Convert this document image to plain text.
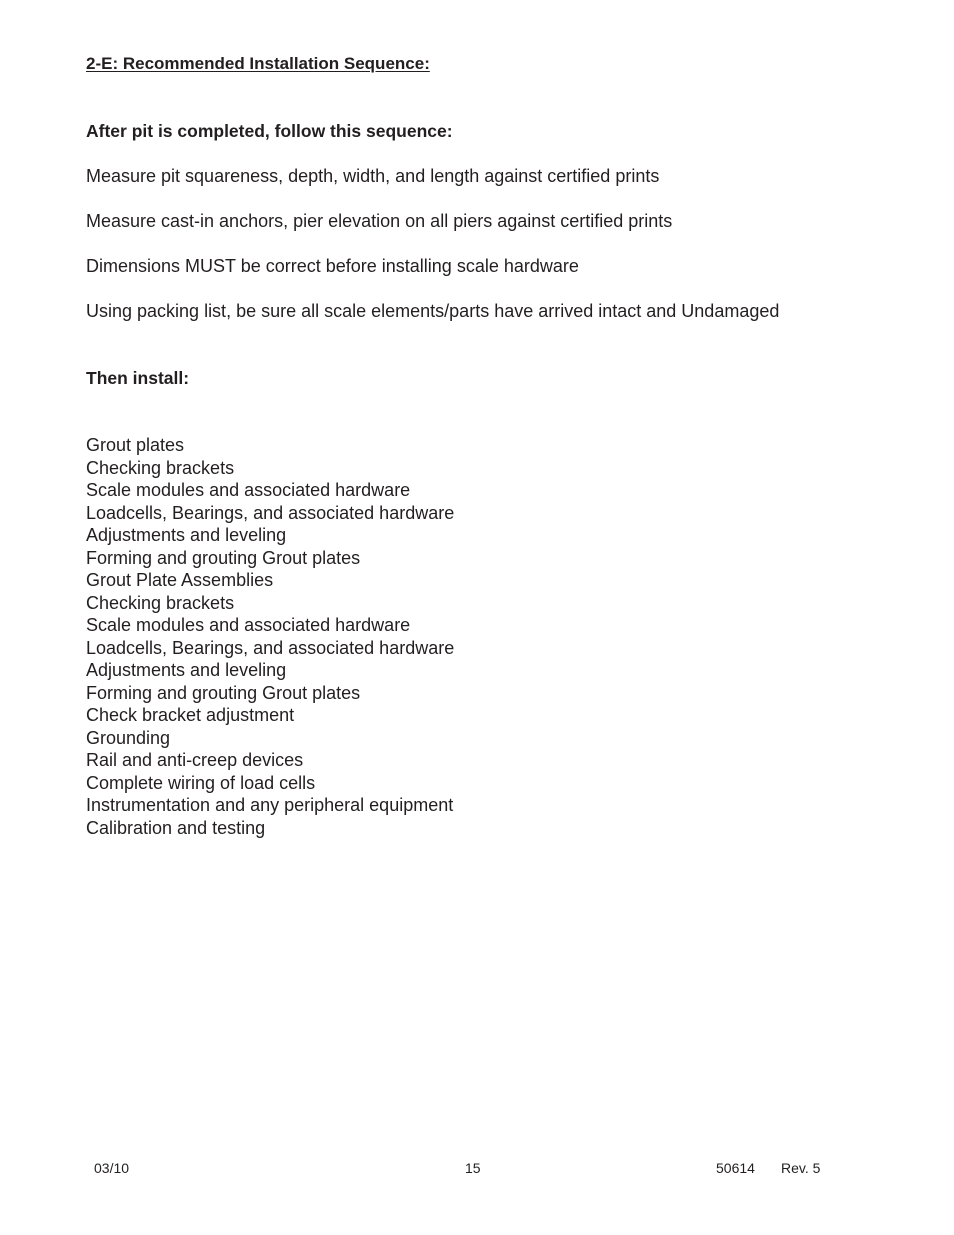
2-E: Recommended Installation Sequence:
After pit is completed, follow this sequence:

Measure pit squareness, depth, width, and length against certified prints

Measure cast-in anchors, pier elevation on all piers against certified prints

Dimensions MUST be correct before installing scale hardware

Using packing list, be sure all scale elements/parts have arrived intact and Undamaged

Then install:
Grout plates
Checking brackets
Scale modules and associated hardware
Loadcells, Bearings, and associated hardware
Adjustments and leveling
Forming and grouting Grout plates
Grout Plate Assemblies
Checking brackets
Scale modules and associated hardware
Loadcells, Bearings, and associated hardware
Adjustments and leveling
Forming and grouting Grout plates
Check bracket adjustment
Grounding
Rail and anti-creep devices
Complete wiring of load cells
Instrumentation and any peripheral equipment
Calibration and testing
03/10	15	50614 Rev. 5
